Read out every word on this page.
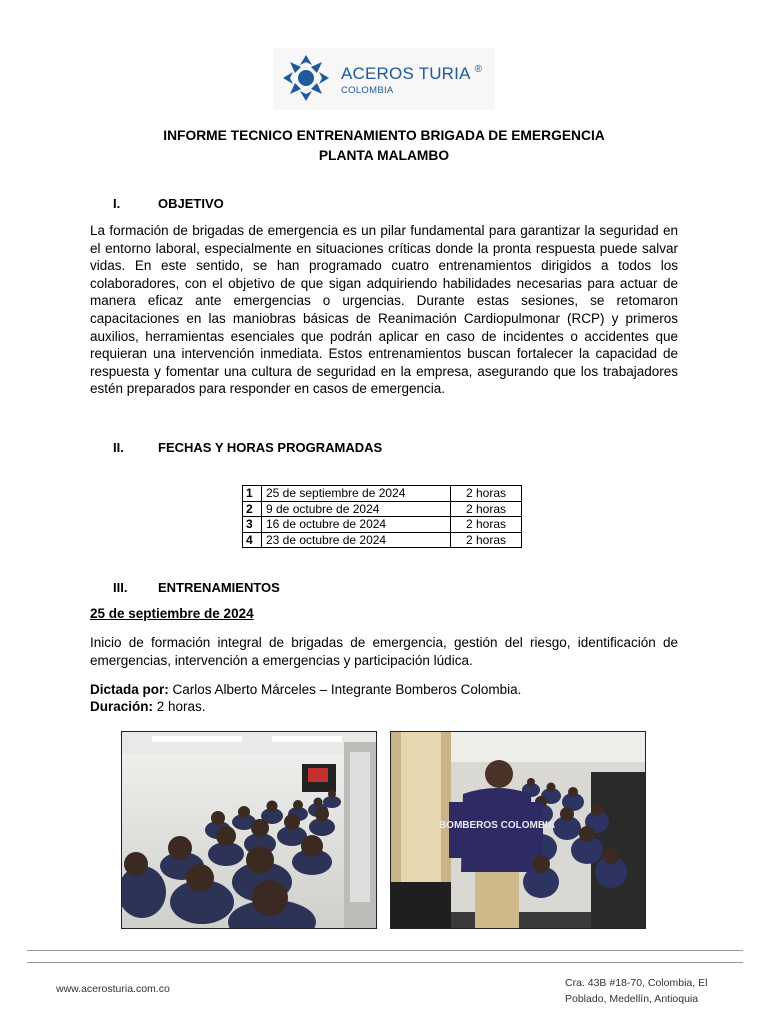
ACEROS TURIA ®
COLOMBIA
INFORME TECNICO ENTRENAMIENTO BRIGADA DE EMERGENCIA
PLANTA MALAMBO
I.	OBJETIVO

La formación de brigadas de emergencia es un pilar fundamental para garantizar la seguridad en el entorno laboral, especialmente en situaciones críticas donde la pronta respuesta puede salvar vidas. En este sentido, se han programado cuatro entrenamientos dirigidos a todos los colaboradores, con el objetivo de que sigan adquiriendo habilidades necesarias para actuar de manera eficaz ante emergencias o urgencias. Durante estas sesiones, se retomaron capacitaciones en las maniobras básicas de Reanimación Cardiopulmonar (RCP) y primeros auxilios, herramientas esenciales que podrán aplicar en caso de incidentes o accidentes que requieran una intervención inmediata. Estos entrenamientos buscan fortalecer la capacidad de respuesta y fomentar una cultura de seguridad en la empresa, asegurando que los trabajadores estén preparados para responder en casos de emergencia.

II.	FECHAS Y HORAS PROGRAMADAS
1	25 de septiembre de 2024	2 horas
2	9 de octubre de 2024	2 horas
3	16 de octubre de 2024	2 horas
4	23 de octubre de 2024	2 horas
III. ENTRENAMIENTOS
25 de septiembre de 2024

Inicio de formación integral de brigadas de emergencia, gestión del riesgo, identificación de emergencias, intervención a emergencias y participación lúdica.

Dictada por: Carlos Alberto Márceles – Integrante Bomberos Colombia.
Duración: 2 horas.
BOMBEROS COLOMBIA
www.acerosturia.com.co	Cra. 43B #18-70, Colombia, El
Poblado, Medellín, Antioquia
